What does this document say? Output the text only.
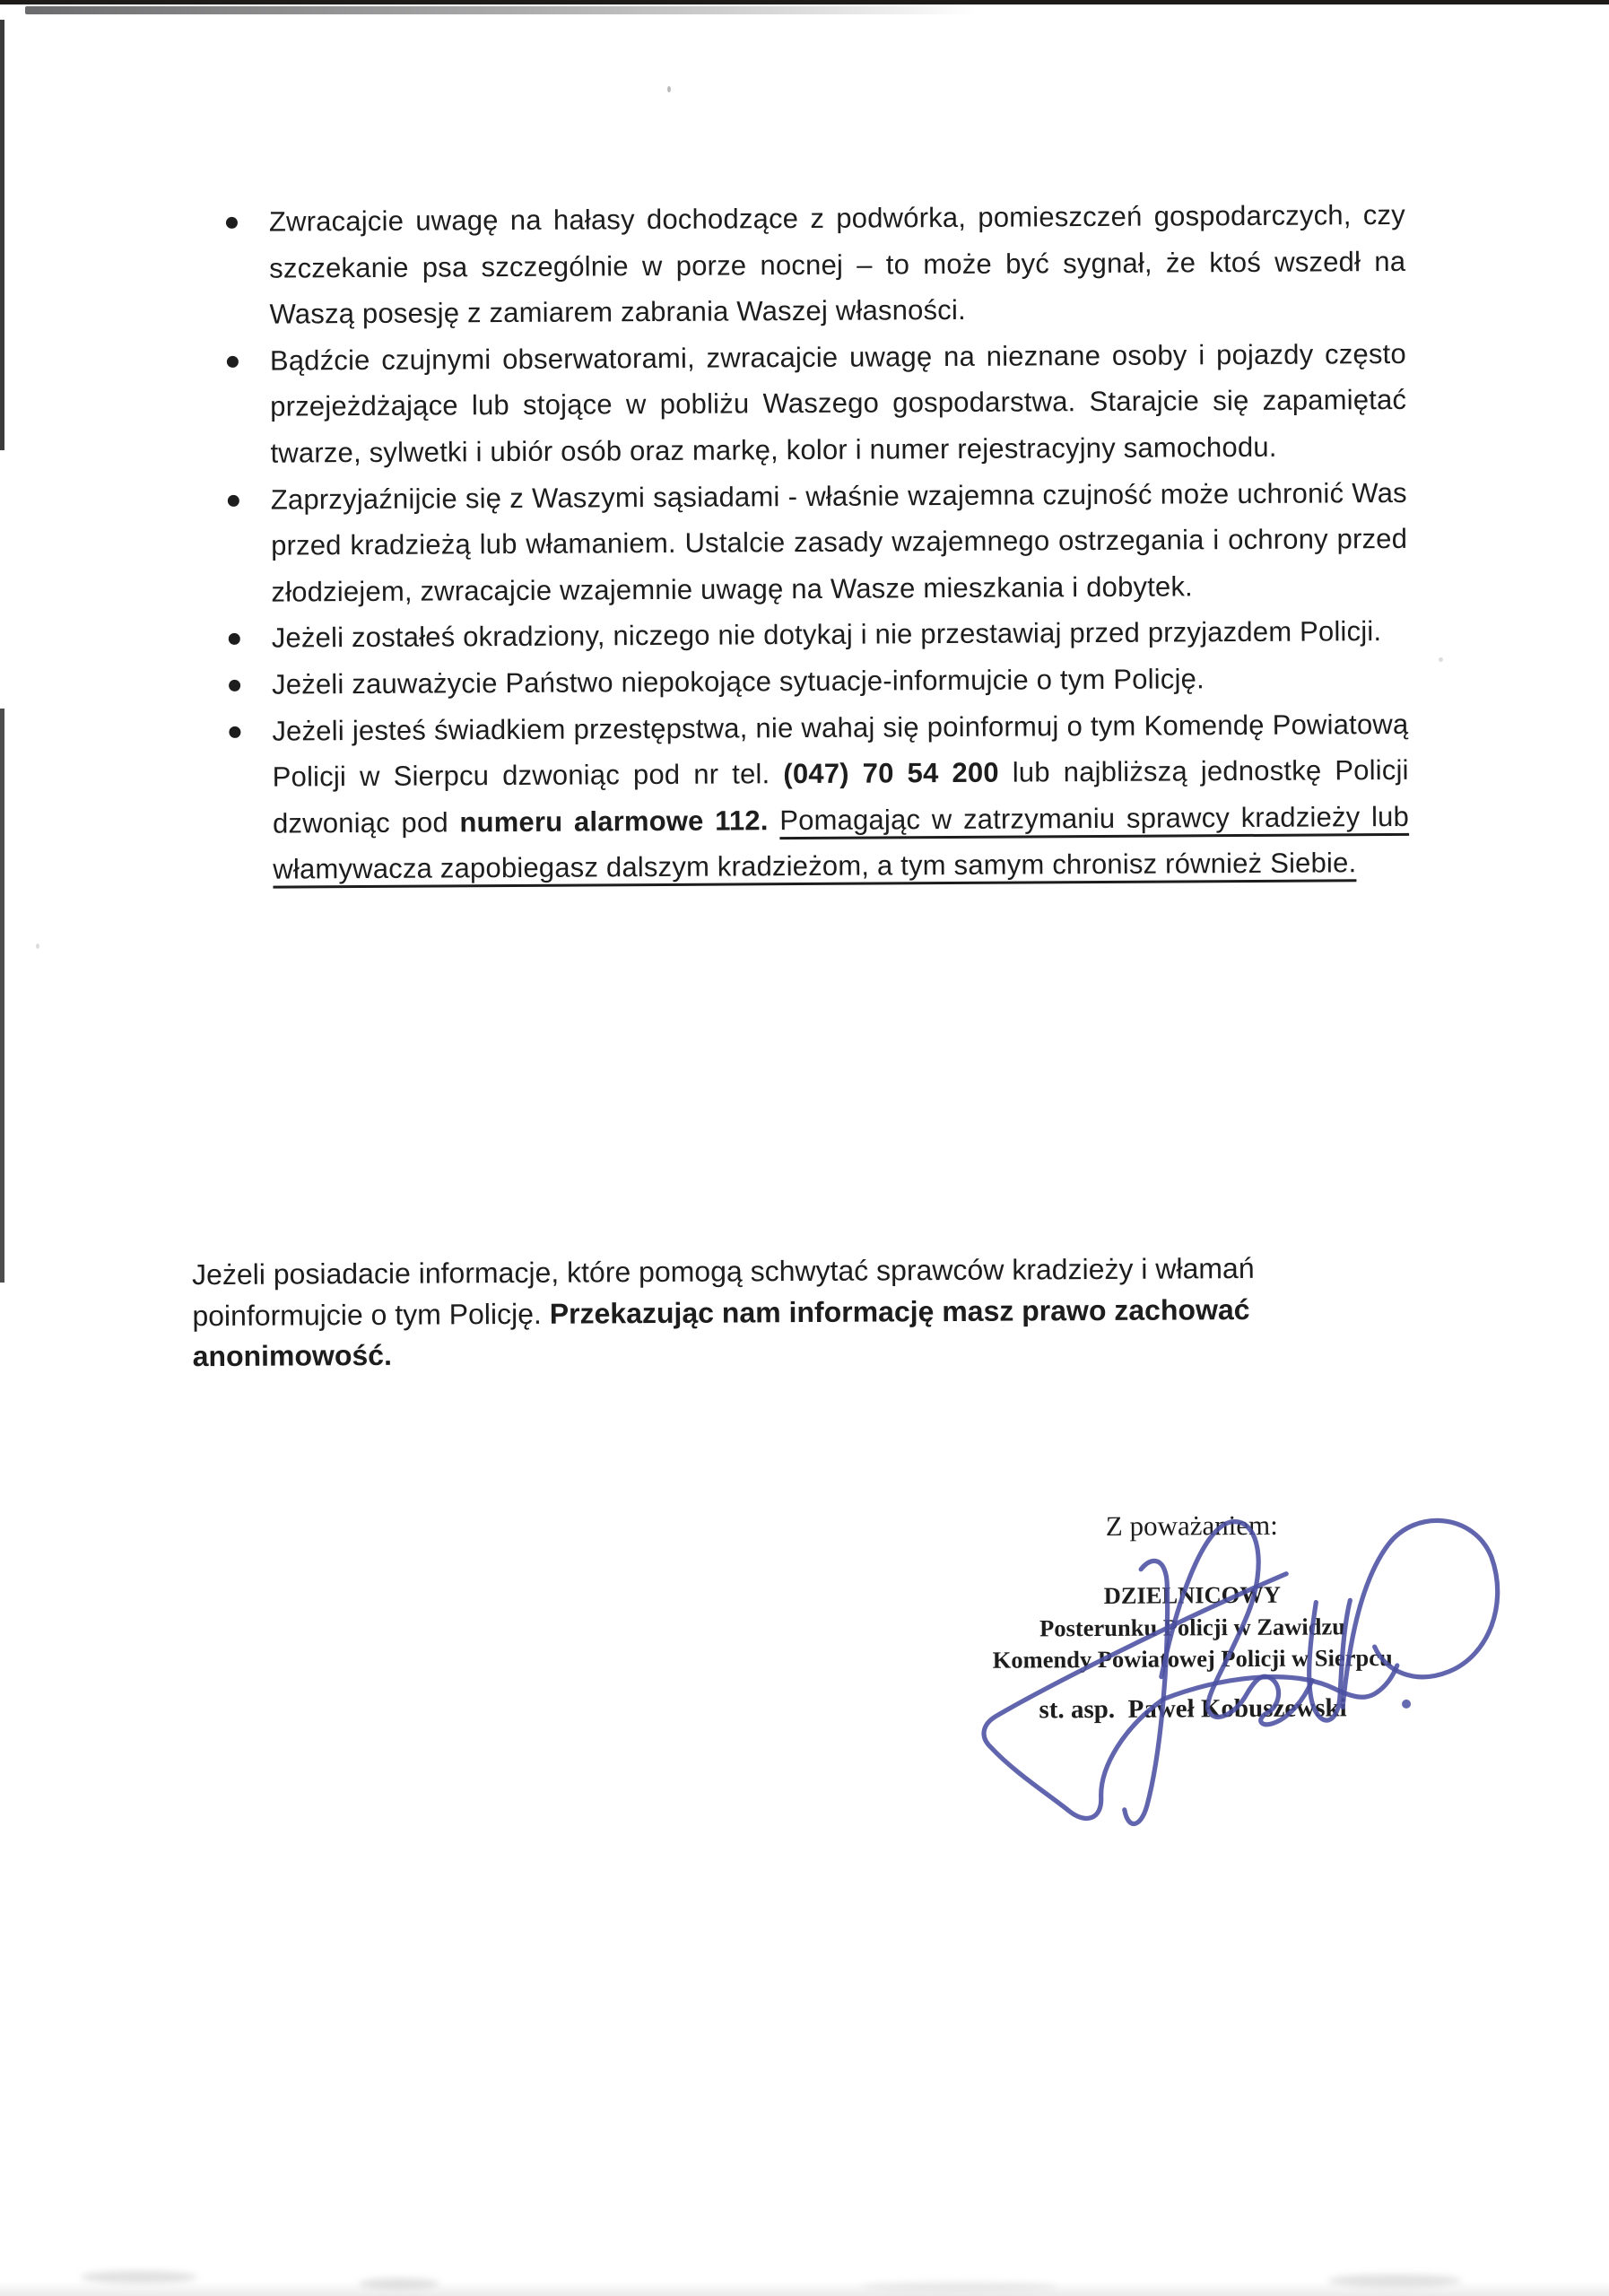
Zwracajcie uwagę na hałasy dochodzące z podwórka, pomieszczeń gospodarczych, czy szczekanie psa szczególnie w porze nocnej – to może być sygnał, że ktoś wszedł na Waszą posesję z zamiarem zabrania Waszej własności.
Bądźcie czujnymi obserwatorami, zwracajcie uwagę na nieznane osoby i pojazdy często przejeżdżające lub stojące w pobliżu Waszego gospodarstwa. Starajcie się zapamiętać twarze, sylwetki i ubiór osób oraz markę, kolor i numer rejestracyjny samochodu.
Zaprzyjaźnijcie się z Waszymi sąsiadami - właśnie wzajemna czujność może uchronić Was przed kradzieżą lub włamaniem. Ustalcie zasady wzajemnego ostrzegania i ochrony przed złodziejem, zwracajcie wzajemnie uwagę na Wasze mieszkania i dobytek.
Jeżeli zostałeś okradziony, niczego nie dotykaj i nie przestawiaj przed przyjazdem Policji.
Jeżeli zauważycie Państwo niepokojące sytuacje-informujcie o tym Policję.
Jeżeli jesteś świadkiem przestępstwa, nie wahaj się poinformuj o tym Komendę Powiatową Policji w Sierpcu dzwoniąc pod nr tel. (047) 70 54 200 lub najbliższą jednostkę Policji dzwoniąc pod numeru alarmowe 112. Pomagając w zatrzymaniu sprawcy kradzieży lub włamywacza zapobiegasz dalszym kradzieżom, a tym samym chronisz również Siebie.

Jeżeli posiadacie informacje, które pomogą schwytać sprawców kradzieży i włamań poinformujcie o tym Policję. Przekazując nam informację masz prawo zachować anonimowość.

Z poważaniem:
DZIELNICOWY
Posterunku Policji w Zawidzu
Komendy Powiatowej Policji w Sierpcu
st. asp.  Paweł Kobuszewski
